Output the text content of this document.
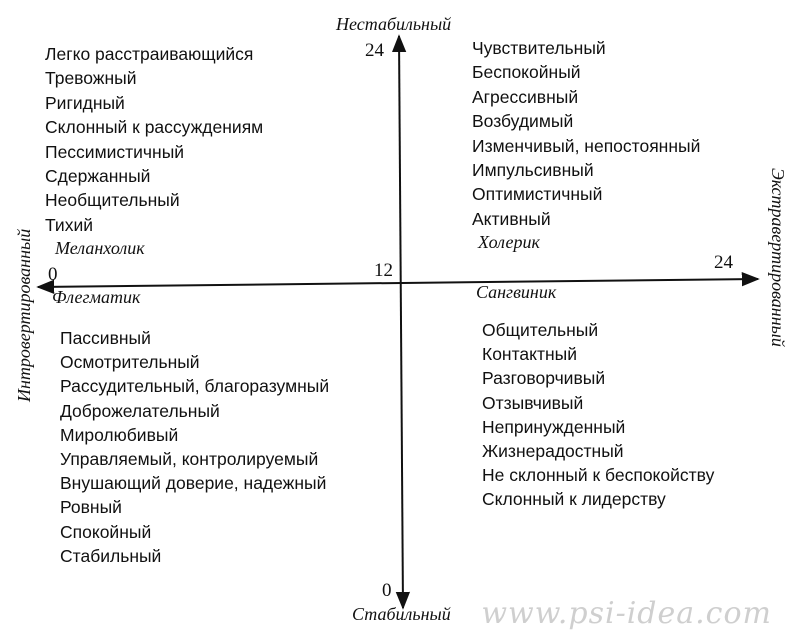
Нестабильный
Стабильный
Интровертированный	Экстравертированный
24
0
0
24
12
Меланхолик	Холерик
Флегматик	Сангвиник
Легко расстраивающийся
Тревожный
Ригидный
Склонный к рассуждениям
Пессимистичный
Сдержанный
Необщительный
Тихий
Чувствительный
Беспокойный
Агрессивный
Возбудимый
Изменчивый, непостоянный
Импульсивный
Оптимистичный
Активный
Пассивный
Осмотрительный
Рассудительный, благоразумный
Доброжелательный
Миролюбивый
Управляемый, контролируемый
Внушающий доверие, надежный
Ровный
Спокойный
Стабильный
Общительный
Контактный
Разговорчивый
Отзывчивый
Непринужденный
Жизнерадостный
Не склонный к беспокойству
Склонный к лидерству
www.psi-idea.com
